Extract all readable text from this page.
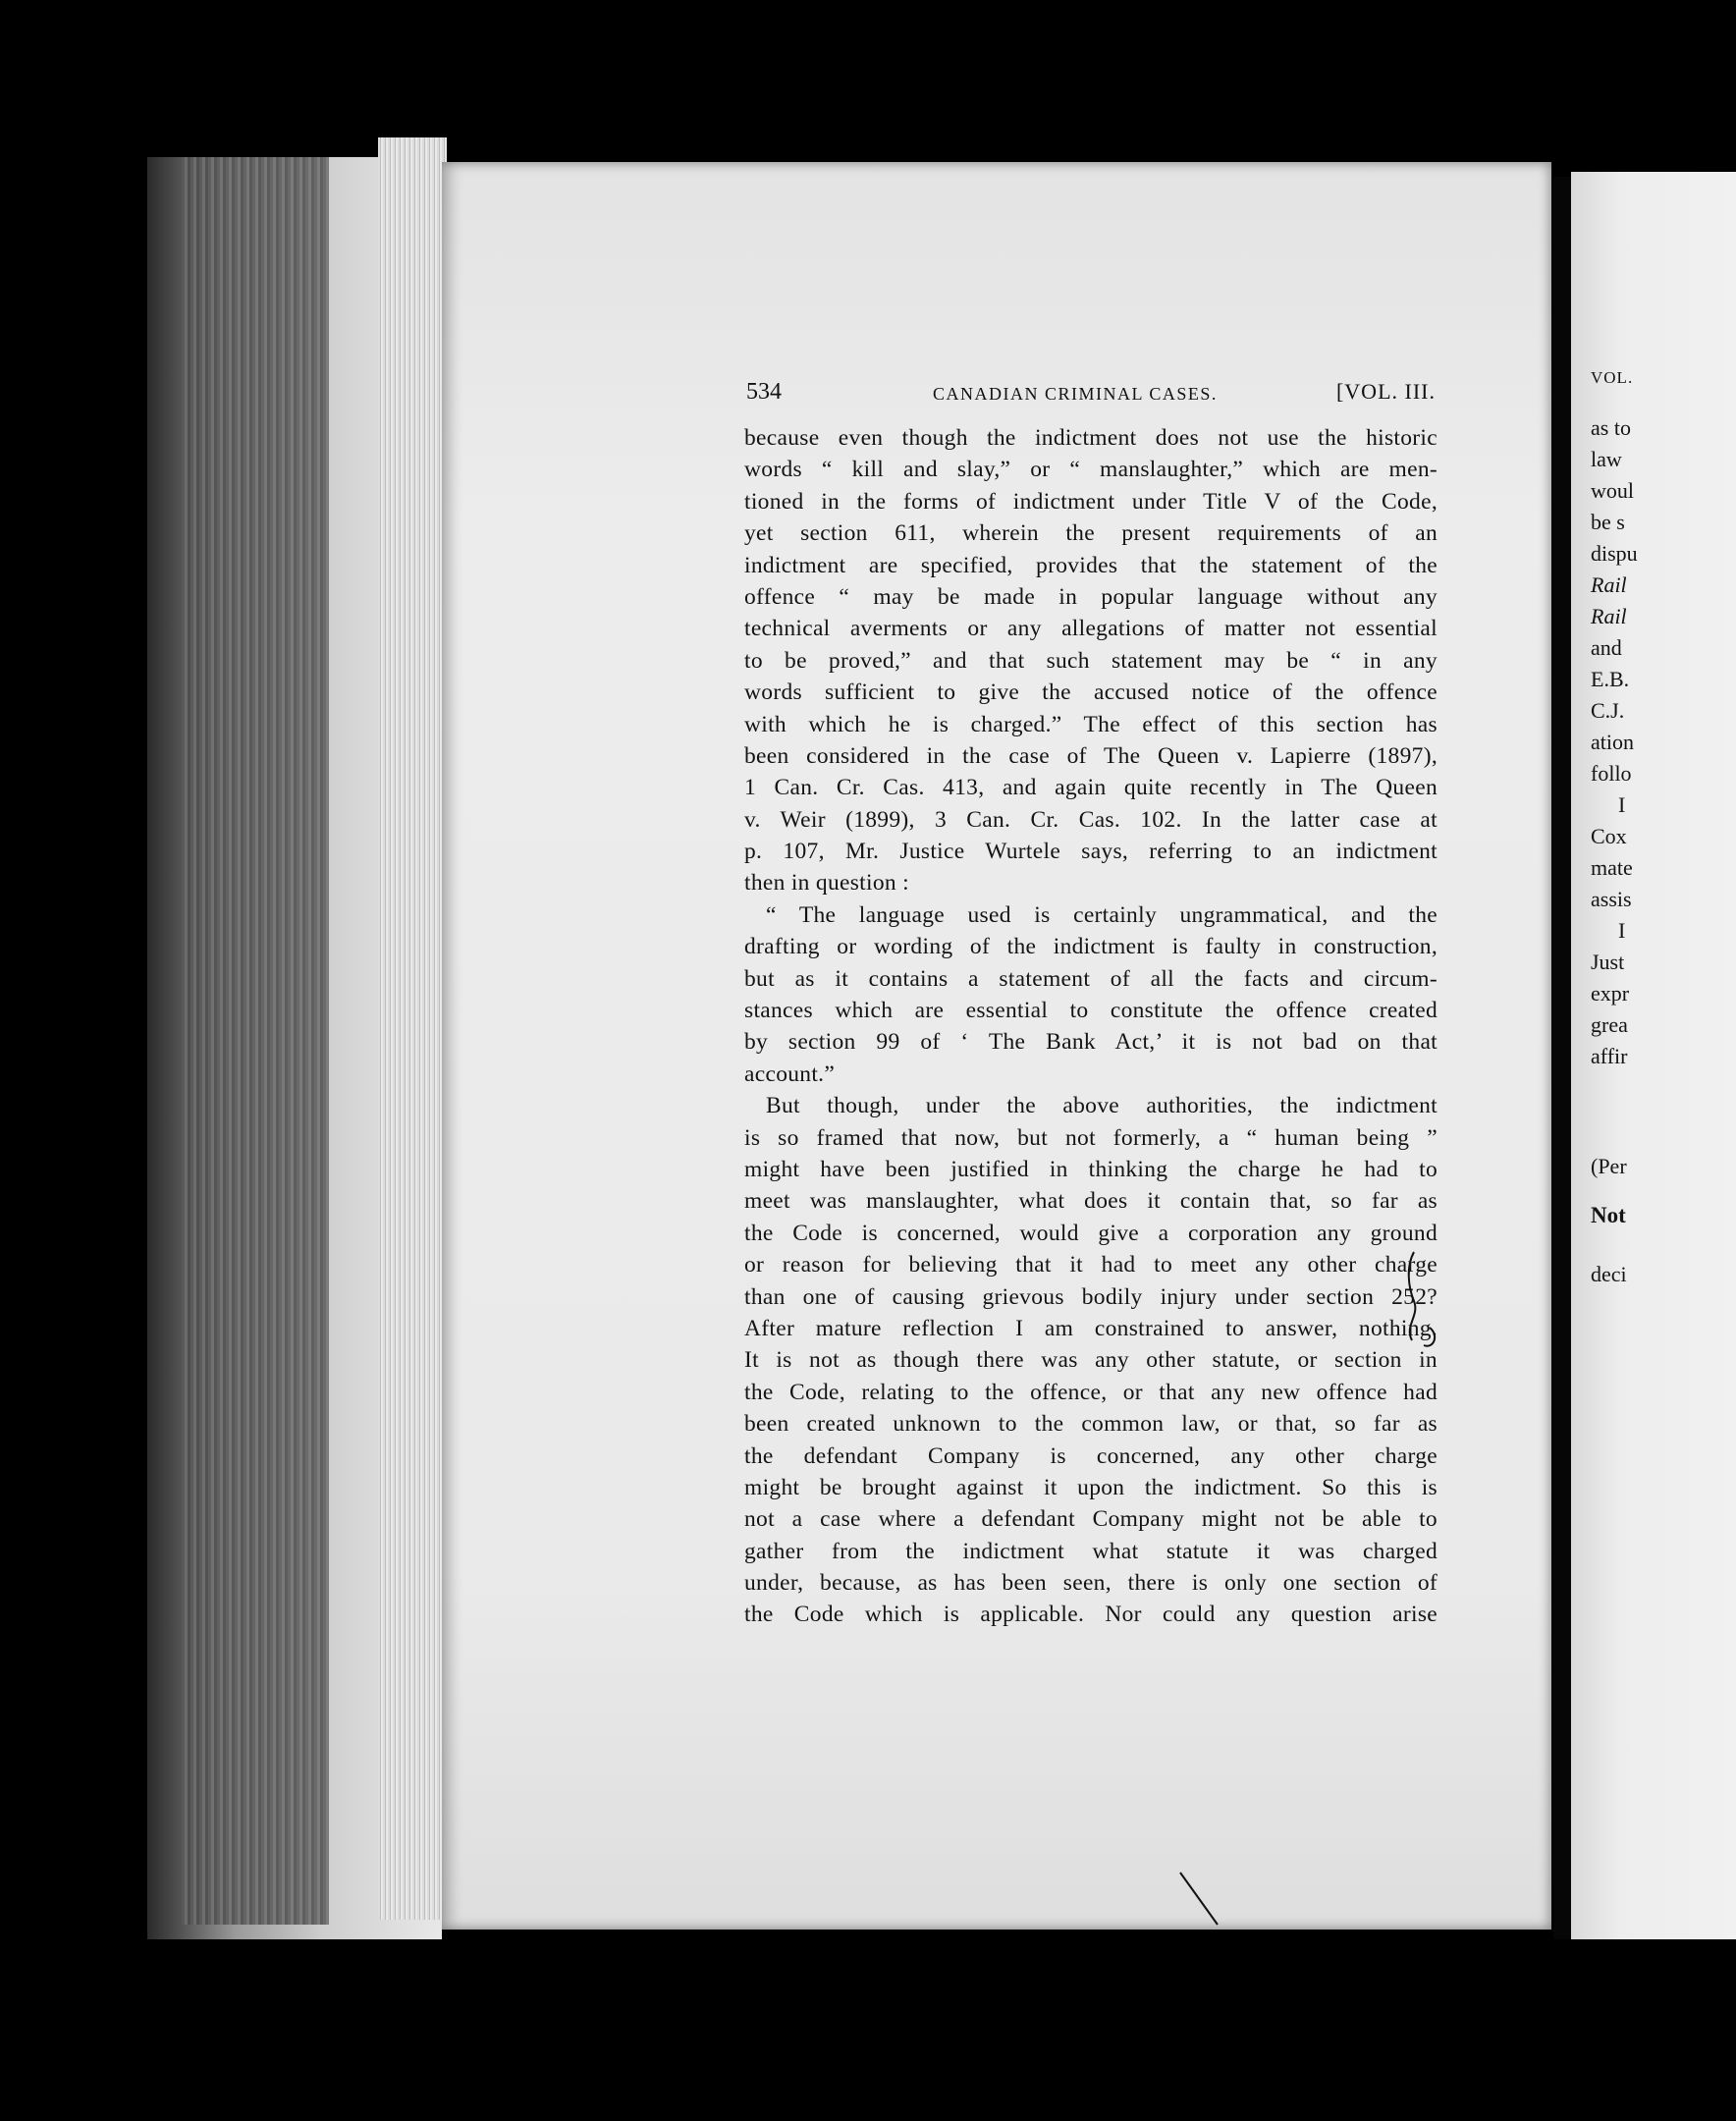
534	CANADIAN CRIMINAL CASES.	[VOL. III.
because even though the indictment does not use the historic
words “ kill and slay,” or “ manslaughter,” which are men-
tioned in the forms of indictment under Title V of the Code,
yet section 611, wherein the present requirements of an
indictment are specified, provides that the statement of the
offence “ may be made in popular language without any
technical averments or any allegations of matter not essential
to be proved,” and that such statement may be “ in any
words sufficient to give the accused notice of the offence
with which he is charged.” The effect of this section has
been considered in the case of The Queen v. Lapierre (1897),
1 Can. Cr. Cas. 413, and again quite recently in The Queen
v. Weir (1899), 3 Can. Cr. Cas. 102. In the latter case at
p. 107, Mr. Justice Wurtele says, referring to an indictment
then in question :
“ The language used is certainly ungrammatical, and the
drafting or wording of the indictment is faulty in construction,
but as it contains a statement of all the facts and circum-
stances which are essential to constitute the offence created
by section 99 of ‘ The Bank Act,’ it is not bad on that
account.”
But though, under the above authorities, the indictment
is so framed that now, but not formerly, a “ human being ”
might have been justified in thinking the charge he had to
meet was manslaughter, what does it contain that, so far as
the Code is concerned, would give a corporation any ground
or reason for believing that it had to meet any other charge
than one of causing grievous bodily injury under section 252?
After mature reflection I am constrained to answer, nothing.
It is not as though there was any other statute, or section in
the Code, relating to the offence, or that any new offence had
been created unknown to the common law, or that, so far as
the defendant Company is concerned, any other charge
might be brought against it upon the indictment. So this is
not a case where a defendant Company might not be able to
gather from the indictment what statute it was charged
under, because, as has been seen, there is only one section of
the Code which is applicable. Nor could any question arise
VOL.
as to
law
woul
be s
dispu
Rail
Rail
and
E.B.
C.J.
ation
follo
I
Cox
mate
assis
I
Just
expr
grea
affir
(Per
Not
deci
